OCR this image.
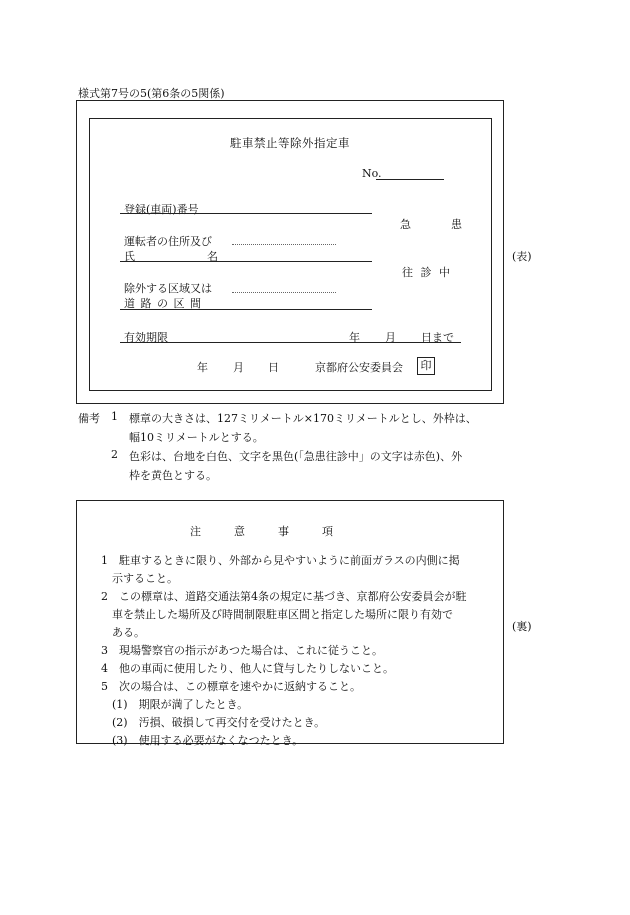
様式第7号の5(第6条の5関係)
駐車禁止等除外指定車
No.
登録(車両)番号
急	患
運転者の住所及び
氏	名
往 診 中
除外する区域又は
道 路 の 区 間
有効期限	年 月 日まで
年 月 日	京都府公安委員会	印
(表)
備考 1 標章の大きさは、127ミリメートル×170ミリメートルとし、外枠は、
幅10ミリメートルとする。
2 色彩は、台地を白色、文字を黒色(「急患往診中」の文字は赤色)、外
枠を黄色とする。
注　　　意　　　事　　　項
1　駐車するときに限り、外部から見やすいように前面ガラスの内側に掲
　示すること。
2　この標章は、道路交通法第4条の規定に基づき、京都府公安委員会が駐
　車を禁止した場所及び時間制限駐車区間と指定した場所に限り有効で
　ある。
3　現場警察官の指示があつた場合は、これに従うこと。
4　他の車両に使用したり、他人に貸与したりしないこと。
5　次の場合は、この標章を速やかに返納すること。
　(1)　期限が満了したとき。
　(2)　汚損、破損して再交付を受けたとき。
　(3)　使用する必要がなくなつたとき。
(裏)
